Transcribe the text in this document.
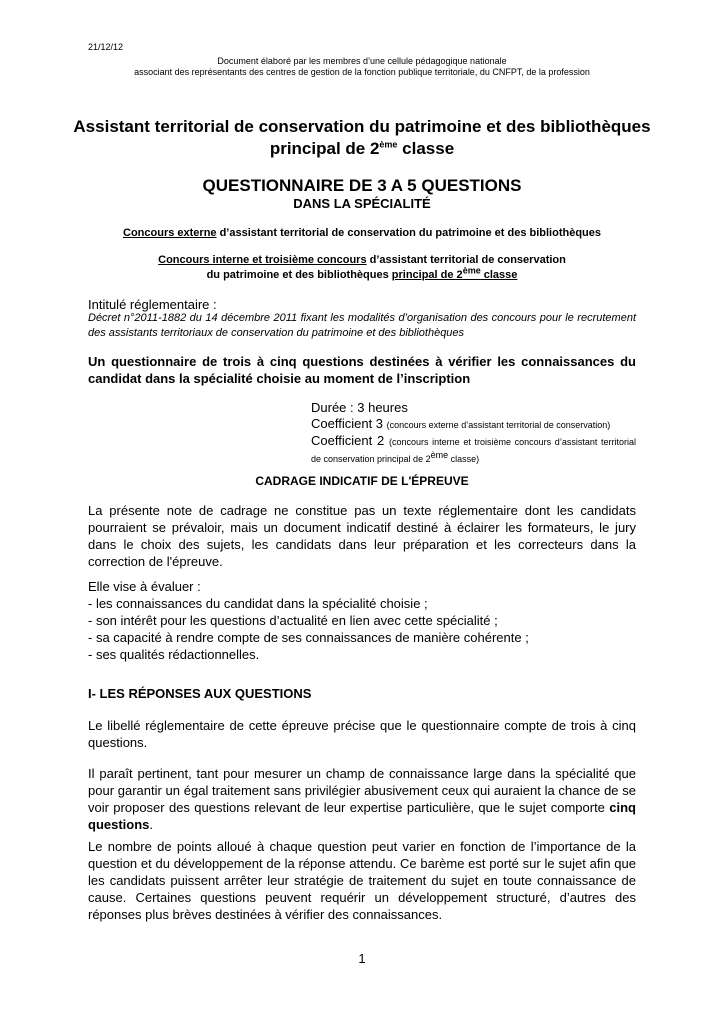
21/12/12
Document élaboré par les membres d’une cellule pédagogique nationale
associant des représentants des centres de gestion de la fonction publique territoriale, du CNFPT, de la profession
Assistant territorial de conservation du patrimoine et des bibliothèques
principal de 2ème classe
QUESTIONNAIRE DE 3 A 5 QUESTIONS
DANS LA SPÉCIALITÉ
Concours externe d’assistant territorial de conservation du patrimoine et des bibliothèques
Concours interne et troisième concours d’assistant territorial de conservation
du patrimoine et des bibliothèques principal de 2ème classe
Intitulé réglementaire :
Décret n°2011-1882 du 14 décembre 2011 fixant les modalités d’organisation des concours pour le recrutement des assistants territoriaux de conservation du patrimoine et des bibliothèques
Un questionnaire de trois à cinq questions destinées à vérifier les connaissances du candidat dans la spécialité choisie au moment de l’inscription
Durée : 3 heures
Coefficient 3 (concours externe d’assistant territorial de conservation)
Coefficient 2 (concours interne et troisième concours d’assistant territorial de conservation principal de 2ème classe)
CADRAGE INDICATIF DE L'ÉPREUVE
La présente note de cadrage ne constitue pas un texte réglementaire dont les candidats pourraient se prévaloir, mais un document indicatif destiné à éclairer les formateurs, le jury dans le choix des sujets, les candidats dans leur préparation et les correcteurs dans la correction de l'épreuve.
Elle vise à évaluer :
- les connaissances du candidat dans la spécialité choisie ;
- son intérêt pour les questions d’actualité en lien avec cette spécialité ;
- sa capacité à rendre compte de ses connaissances de manière cohérente ;
- ses qualités rédactionnelles.
I- LES RÉPONSES AUX QUESTIONS
Le libellé réglementaire de cette épreuve précise que le questionnaire compte de trois à cinq questions.
Il paraît pertinent, tant pour mesurer un champ de connaissance large dans la spécialité que pour garantir un égal traitement sans privilégier abusivement ceux qui auraient la chance de se voir proposer des questions relevant de leur expertise particulière, que le sujet comporte cinq questions.
Le nombre de points alloué à chaque question peut varier en fonction de l’importance de la question et du développement de la réponse attendu. Ce barème est porté sur le sujet afin que les candidats puissent arrêter leur stratégie de traitement du sujet en toute connaissance de cause. Certaines questions peuvent requérir un développement structuré, d’autres des réponses plus brèves destinées à vérifier des connaissances.
1
